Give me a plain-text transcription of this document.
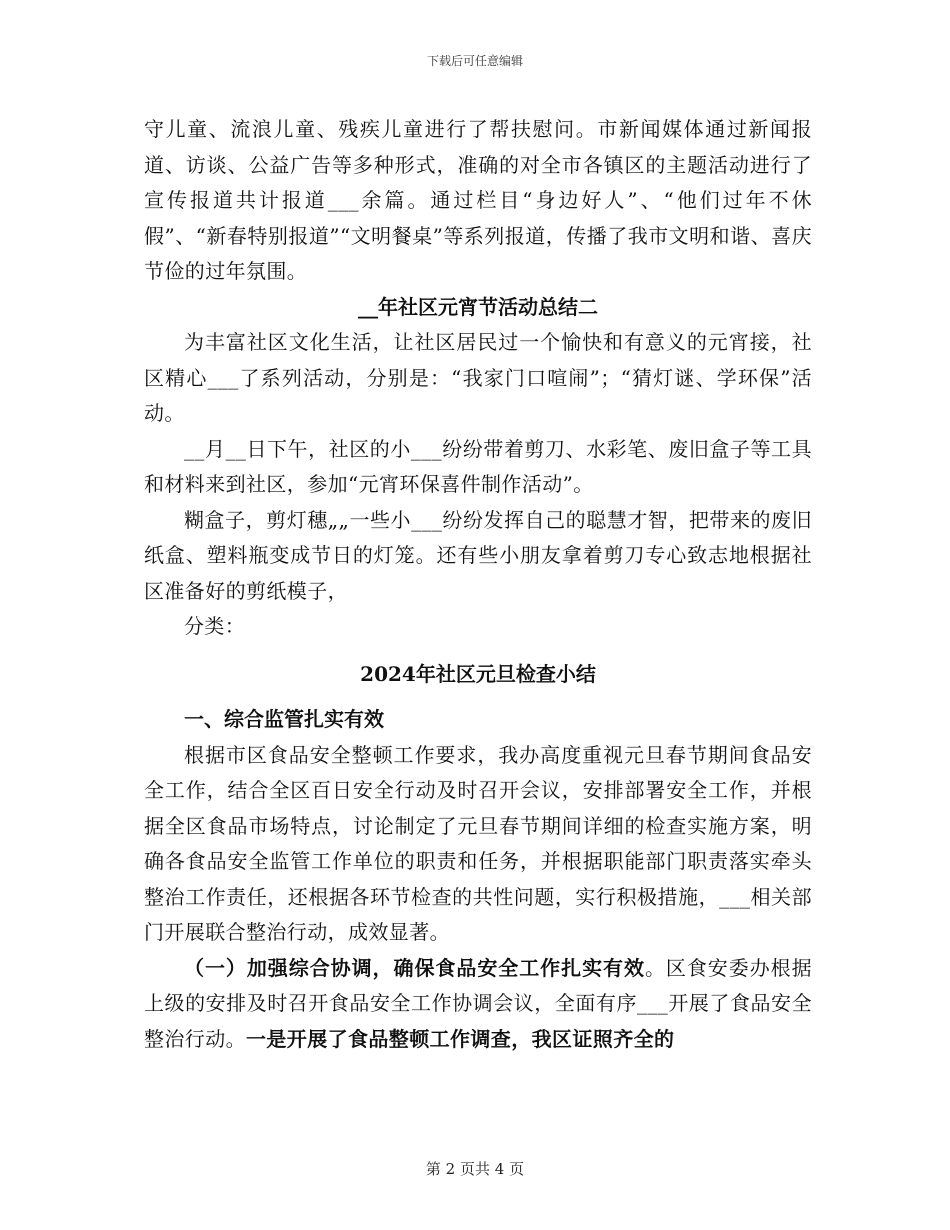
下载后可任意编辑

守儿童、流浪儿童、残疾儿童进行了帮扶慰问。市新闻媒体通过新闻报道、访谈、公益广告等多种形式，准确的对全市各镇区的主题活动进行了宣传报道共计报道___余篇。通过栏目“身边好人”、“他们过年不休假”、“新春特别报道”“文明餐桌”等系列报道，传播了我市文明和谐、喜庆节俭的过年氛围。

__年社区元宵节活动总结二

为丰富社区文化生活，让社区居民过一个愉快和有意义的元宵接，社区精心___了系列活动，分别是：“我家门口喧闹”；“猜灯谜、学环保”活动。

__月__日下午，社区的小___纷纷带着剪刀、水彩笔、废旧盒子等工具和材料来到社区，参加“元宵环保喜件制作活动”。

糊盒子，剪灯穗„„一些小___纷纷发挥自己的聪慧才智，把带来的废旧纸盒、塑料瓶变成节日的灯笼。还有些小朋友拿着剪刀专心致志地根据社区准备好的剪纸模子，

分类：

2024年社区元旦检查小结

一、综合监管扎实有效

根据市区食品安全整顿工作要求，我办高度重视元旦春节期间食品安全工作，结合全区百日安全行动及时召开会议，安排部署安全工作，并根据全区食品市场特点，讨论制定了元旦春节期间详细的检查实施方案，明确各食品安全监管工作单位的职责和任务，并根据职能部门职责落实牵头整治工作责任，还根据各环节检查的共性问题，实行积极措施，___相关部门开展联合整治行动，成效显著。

（一）加强综合协调，确保食品安全工作扎实有效。区食安委办根据上级的安排及时召开食品安全工作协调会议，全面有序___开展了食品安全整治行动。一是开展了食品整顿工作调查，我区证照齐全的

第 2 页共 4 页
